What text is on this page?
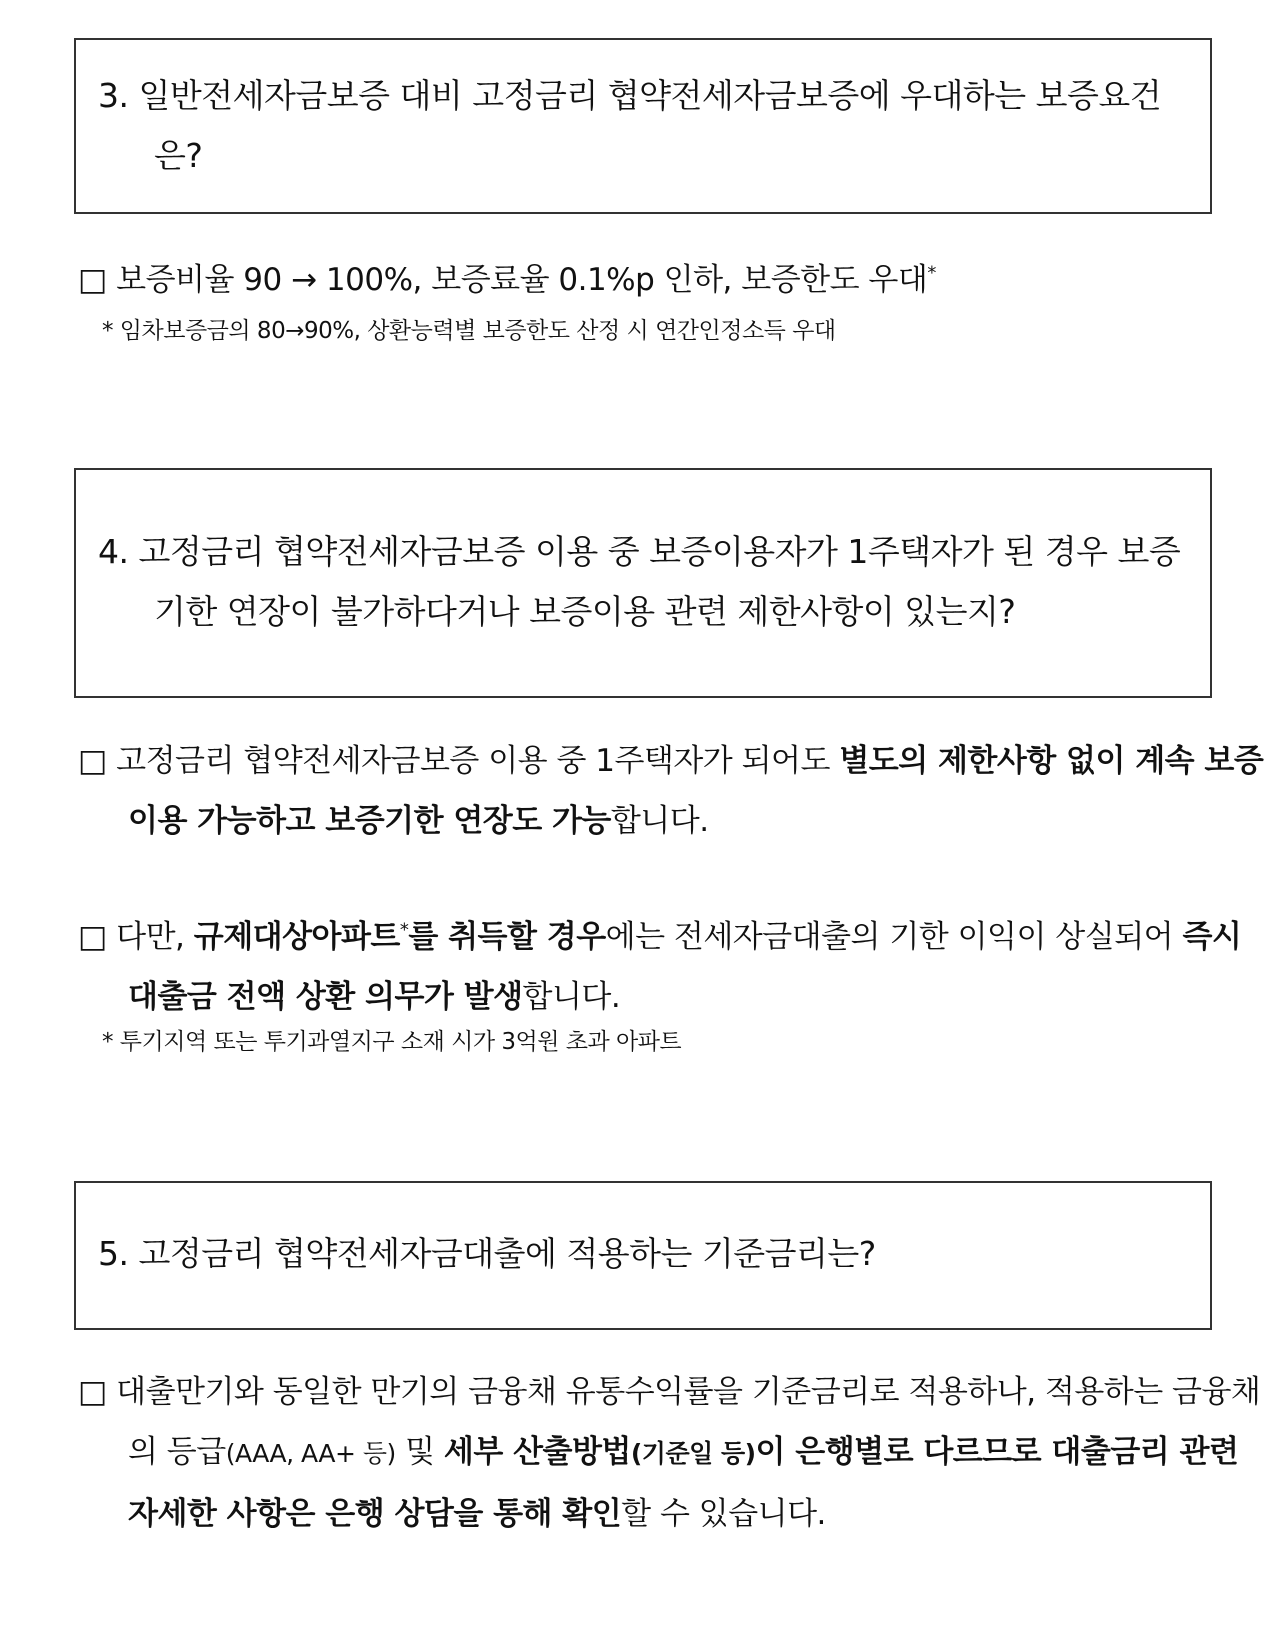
3. 일반전세자금보증 대비 고정금리 협약전세자금보증에 우대하는 보증요건은?
□ 보증비율 90 → 100%, 보증료율 0.1%p 인하, 보증한도 우대*
* 임차보증금의 80→90%, 상환능력별 보증한도 산정 시 연간인정소득 우대
4. 고정금리 협약전세자금보증 이용 중 보증이용자가 1주택자가 된 경우 보증기한 연장이 불가하다거나 보증이용 관련 제한사항이 있는지?
□ 고정금리 협약전세자금보증 이용 중 1주택자가 되어도 별도의 제한사항 없이 계속 보증이용 가능하고 보증기한 연장도 가능합니다.
□ 다만, 규제대상아파트*를 취득할 경우에는 전세자금대출의 기한 이익이 상실되어 즉시 대출금 전액 상환 의무가 발생합니다.
* 투기지역 또는 투기과열지구 소재 시가 3억원 초과 아파트
5. 고정금리 협약전세자금대출에 적용하는 기준금리는?
□ 대출만기와 동일한 만기의 금융채 유통수익률을 기준금리로 적용하나, 적용하는 금융채의 등급(AAA, AA+ 등) 및 세부 산출방법(기준일 등)이 은행별로 다르므로 대출금리 관련 자세한 사항은 은행 상담을 통해 확인할 수 있습니다.
